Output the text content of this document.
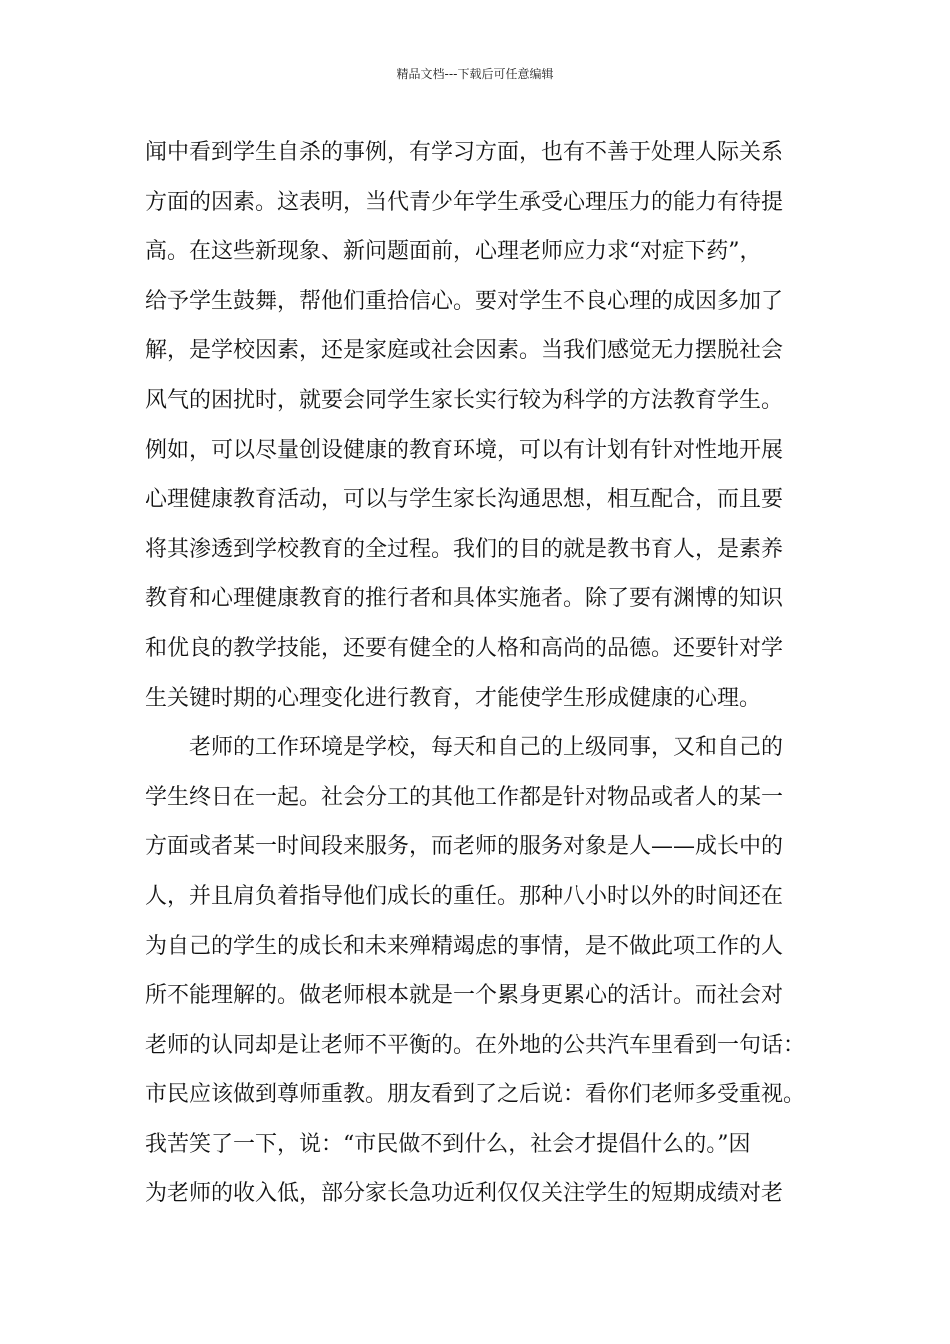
精品文档---下载后可任意编辑
闻中看到学生自杀的事例，有学习方面，也有不善于处理人际关系
方面的因素。这表明，当代青少年学生承受心理压力的能力有待提
高。在这些新现象、新问题面前，心理老师应力求“对症下药”，
给予学生鼓舞，帮他们重拾信心。要对学生不良心理的成因多加了
解，是学校因素，还是家庭或社会因素。当我们感觉无力摆脱社会
风气的困扰时，就要会同学生家长实行较为科学的方法教育学生。
例如，可以尽量创设健康的教育环境，可以有计划有针对性地开展
心理健康教育活动，可以与学生家长沟通思想，相互配合，而且要
将其渗透到学校教育的全过程。我们的目的就是教书育人，是素养
教育和心理健康教育的推行者和具体实施者。除了要有渊博的知识
和优良的教学技能，还要有健全的人格和高尚的品德。还要针对学
生关键时期的心理变化进行教育，才能使学生形成健康的心理。
老师的工作环境是学校，每天和自己的上级同事，又和自己的
学生终日在一起。社会分工的其他工作都是针对物品或者人的某一
方面或者某一时间段来服务，而老师的服务对象是人——成长中的
人，并且肩负着指导他们成长的重任。那种八小时以外的时间还在
为自己的学生的成长和未来殚精竭虑的事情，是不做此项工作的人
所不能理解的。做老师根本就是一个累身更累心的活计。而社会对
老师的认同却是让老师不平衡的。在外地的公共汽车里看到一句话：
市民应该做到尊师重教。朋友看到了之后说：看你们老师多受重视。
我苦笑了一下，说：“市民做不到什么，社会才提倡什么的。”因
为老师的收入低，部分家长急功近利仅仅关注学生的短期成绩对老
